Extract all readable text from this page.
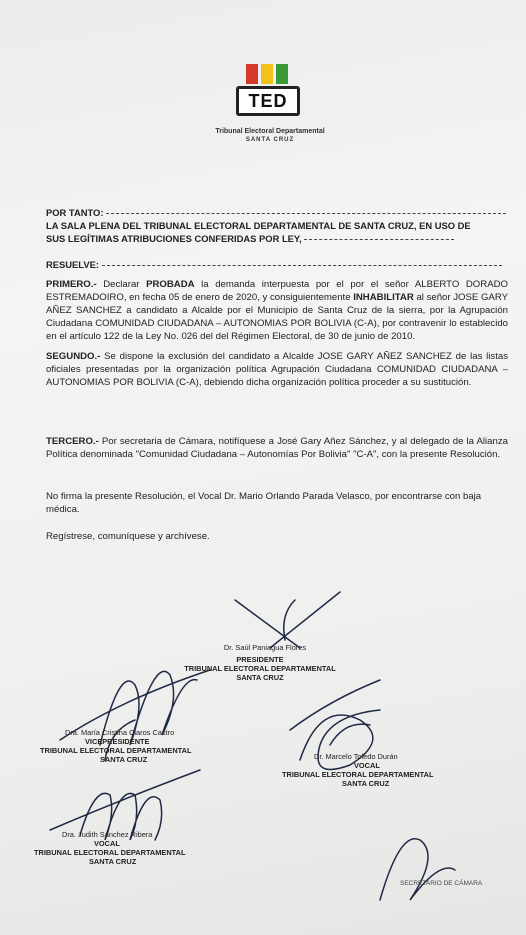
TED
Tribunal Electoral Departamental
SANTA CRUZ
POR TANTO:
LA SALA PLENA DEL TRIBUNAL ELECTORAL DEPARTAMENTAL DE SANTA CRUZ, EN USO DE
SUS LEGÍTIMAS ATRIBUCIONES CONFERIDAS POR LEY,
RESUELVE:
PRIMERO.- Declarar PROBADA la demanda interpuesta por el por el señor ALBERTO DORADO ESTREMADOIRO, en fecha 05 de enero de 2020, y consiguientemente INHABILITAR al señor JOSE GARY AÑEZ SANCHEZ a candidato a Alcalde por el Municipio de Santa Cruz de la sierra, por la Agrupación Ciudadana COMUNIDAD CIUDADANA – AUTONOMIAS POR BOLIVIA (C-A), por contravenir lo establecido en el artículo 122 de la Ley No. 026 del del Régimen Electoral, de 30 de junio de 2010.
SEGUNDO.- Se dispone la exclusión del candidato a Alcalde JOSE GARY AÑEZ SANCHEZ de las listas oficiales presentadas por la organización política Agrupación Ciudadana COMUNIDAD CIUDADANA – AUTONOMIAS POR BOLIVIA (C-A), debiendo dicha organización política proceder a su sustitución.
TERCERO.- Por secretaria de Cámara, notifíquese a José Gary Añez Sánchez, y al delegado de la Alianza Política denominada "Comunidad Ciudadana – Autonomías Por Bolivia" "C-A", con la presente Resolución.
No firma la presente Resolución, el Vocal Dr. Mario Orlando Parada Velasco, por encontrarse con baja médica.
Regístrese, comuníquese y archívese.
Dr. Saúl Paniagua Flores
PRESIDENTE
TRIBUNAL ELECTORAL DEPARTAMENTAL
SANTA CRUZ
Dra. María Cristina Claros Castro
VICEPRESIDENTE
TRIBUNAL ELECTORAL DEPARTAMENTAL
SANTA CRUZ	Dr. Marcelo Toledo Durán
VOCAL
TRIBUNAL ELECTORAL DEPARTAMENTAL
SANTA CRUZ
Dra. Judith Sánchez Ribera
VOCAL
TRIBUNAL ELECTORAL DEPARTAMENTAL
SANTA CRUZ
SECRETARIO DE CÁMARA
